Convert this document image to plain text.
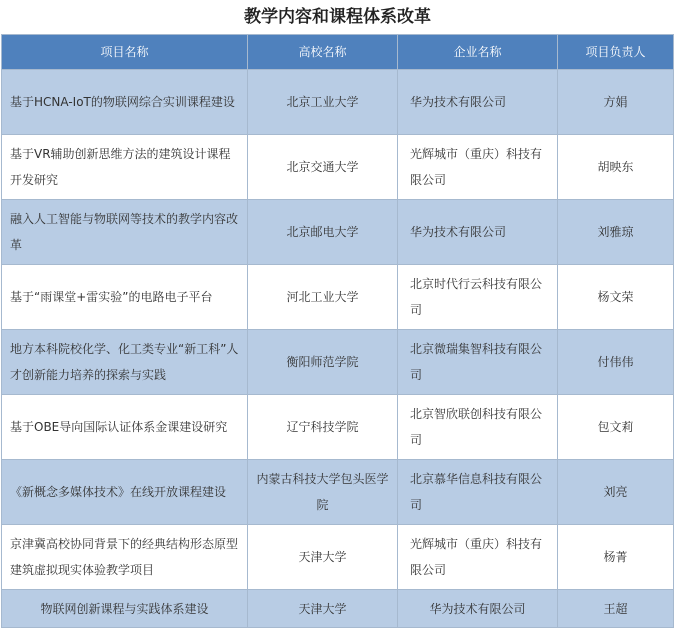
教学内容和课程体系改革
项目名称	高校名称	企业名称	项目负责人
基于HCNA-IoT的物联网综合实训课程建设	北京工业大学	华为技术有限公司	方娟
基于VR辅助创新思维方法的建筑设计课程开发研究	北京交通大学	光辉城市（重庆）科技有限公司	胡映东
融入人工智能与物联网等技术的教学内容改革	北京邮电大学	华为技术有限公司	刘雅琼
基于“雨课堂+雷实验”的电路电子平台	河北工业大学	北京时代行云科技有限公司	杨文荣
地方本科院校化学、化工类专业“新工科”人才创新能力培养的探索与实践	衡阳师范学院	北京微瑞集智科技有限公司	付伟伟
基于OBE导向国际认证体系金课建设研究	辽宁科技学院	北京智欣联创科技有限公司	包文莉
《新概念多媒体技术》在线开放课程建设	内蒙古科技大学包头医学院	北京慕华信息科技有限公司	刘亮
京津冀高校协同背景下的经典结构形态原型建筑虚拟现实体验教学项目	天津大学	光辉城市（重庆）科技有限公司	杨菁
物联网创新课程与实践体系建设	天津大学	华为技术有限公司	王超
